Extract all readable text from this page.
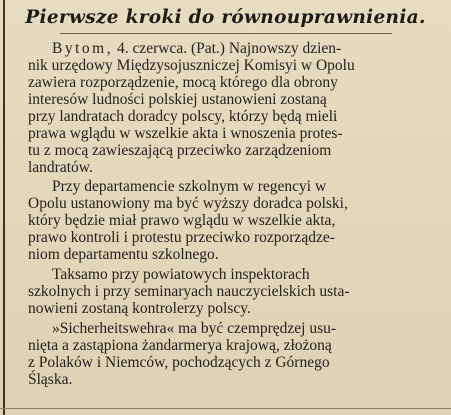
Pierwsze kroki do równouprawnienia.
Bytom, 4. czerwca. (Pat.) Najnowszy dzien-
nik urzędowy Międzysojuszniczej Komisyi w Opolu
zawiera rozporządzenie, mocą którego dla obrony
interesów ludności polskiej ustanowieni zostaną
przy landratach doradcy polscy, którzy będą mieli
prawa wglądu w wszelkie akta i wnoszenia protes-
tu z mocą zawieszającą przeciwko zarządzeniom
landratów.
Przy departamencie szkolnym w regencyi w
Opolu ustanowiony ma być wyższy doradca polski,
który będzie miał prawo wglądu w wszelkie akta,
prawo kontroli i protestu przeciwko rozporządze-
niom departamentu szkolnego.
Taksamo przy powiatowych inspektorach
szkolnych i przy seminaryach nauczycielskich usta-
nowieni zostaną kontrolerzy polscy.
»Sicherheitswehra« ma być czemprędzej usu-
nięta a zastąpiona żandarmerya krajową, złożoną
z Polaków i Niemców, pochodzących z Górnego
Śląska.
